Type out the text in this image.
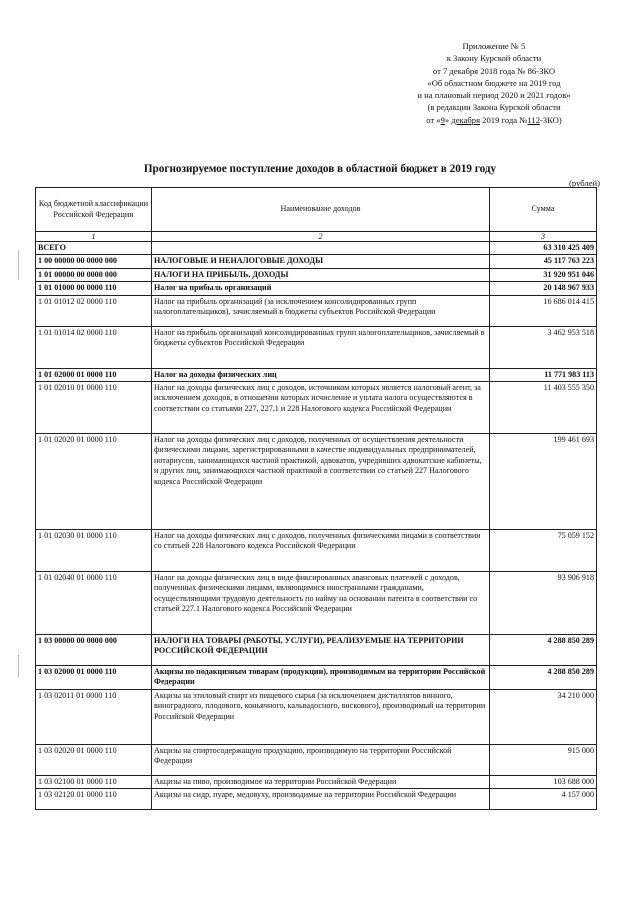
Приложение № 5
к Закону Курской области
от 7 декабря 2018 года № 86-ЗКО
«Об областном бюджете на 2019 год
и на плановый период 2020 и 2021 годов»
(в редакции Закона Курской области
от «9» декабря 2019 года №112-ЗКО)
Прогнозируемое поступление доходов в областной бюджет в 2019 году
(рублей)
Код бюджетной классификации Российской Федерации	Наименование доходов	Сумма
1	2	3
ВСЕГО		63 310 425 409
1 00 00000 00 0000 000	НАЛОГОВЫЕ И НЕНАЛОГОВЫЕ ДОХОДЫ	45 117 763 223
1 01 00000 00 0000 000	НАЛОГИ НА ПРИБЫЛЬ, ДОХОДЫ	31 920 951 046
1 01 01000 00 0000 110	Налог на прибыль организаций	20 148 967 933
1 01 01012 02 0000 110	Налог на прибыль организаций (за исключением консолидированных групп налогоплательщиков), зачисляемый в бюджеты субъектов Российской Федерации	16 686 014 415
1 01 01014 02 0000 110	Налог на прибыль организаций консолидированных групп налогоплательщиков, зачисляемый в бюджеты субъектов Российской Федерации	3 462 953 518
1 01 02000 01 0000 110	Налог на доходы физических лиц	11 771 983 113
1 01 02010 01 0000 110	Налог на доходы физических лиц с доходов, источником которых является налоговый агент, за исключением доходов, в отношении которых исчисление и уплата налога осуществляются в соответствии со статьями 227, 227.1 и 228 Налогового кодекса Российской Федерации	11 403 555 350
1 01 02020 01 0000 110	Налог на доходы физических лиц с доходов, полученных от осуществления деятельности физическими лицами, зарегистрированными в качестве индивидуальных предпринимателей, нотариусов, занимающихся частной практикой, адвокатов, учредивших адвокатские кабинеты, и других лиц, занимающихся частной практикой в соответствии со статьей 227 Налогового кодекса Российской Федерации	199 461 693
1 01 02030 01 0000 110	Налог на доходы физических лиц с доходов, полученных физическими лицами в соответствии со статьей 228 Налогового кодекса Российской Федерации	75 059 152
1 01 02040 01 0000 110	Налог на доходы физических лиц в виде фиксированных авансовых платежей с доходов, полученных физическими лицами, являющимися иностранными гражданами, осуществляющими трудовую деятельность по найму на основании патента в соответствии со статьей 227.1 Налогового кодекса Российской Федерации	93 906 918
1 03 00000 00 0000 000	НАЛОГИ НА ТОВАРЫ (РАБОТЫ, УСЛУГИ), РЕАЛИЗУЕМЫЕ НА ТЕРРИТОРИИ РОССИЙСКОЙ ФЕДЕРАЦИИ	4 288 850 289
1 03 02000 01 0000 110	Акцизы по подакцизным товарам (продукции), производимым на территории Российской Федерации	4 288 850 289
1 03 02011 01 0000 110	Акцизы на этиловый спирт из пищевого сырья (за исключением дистиллятов винного, виноградного, плодового, коньячного, кальвадосного, вискового), производимый на территории Российской Федерации	34 210 000
1 03 02020 01 0000 110	Акцизы на спиртосодержащую продукцию, производимую на территории Российской Федерации	915 000
1 03 02100 01 0000 110	Акцизы на пиво, производимое на территории Российской Федерации	103 688 000
1 03 02120 01 0000 110	Акцизы на сидр, пуаре, медовуху, производимые на территории Российской Федерации	4 157 000
